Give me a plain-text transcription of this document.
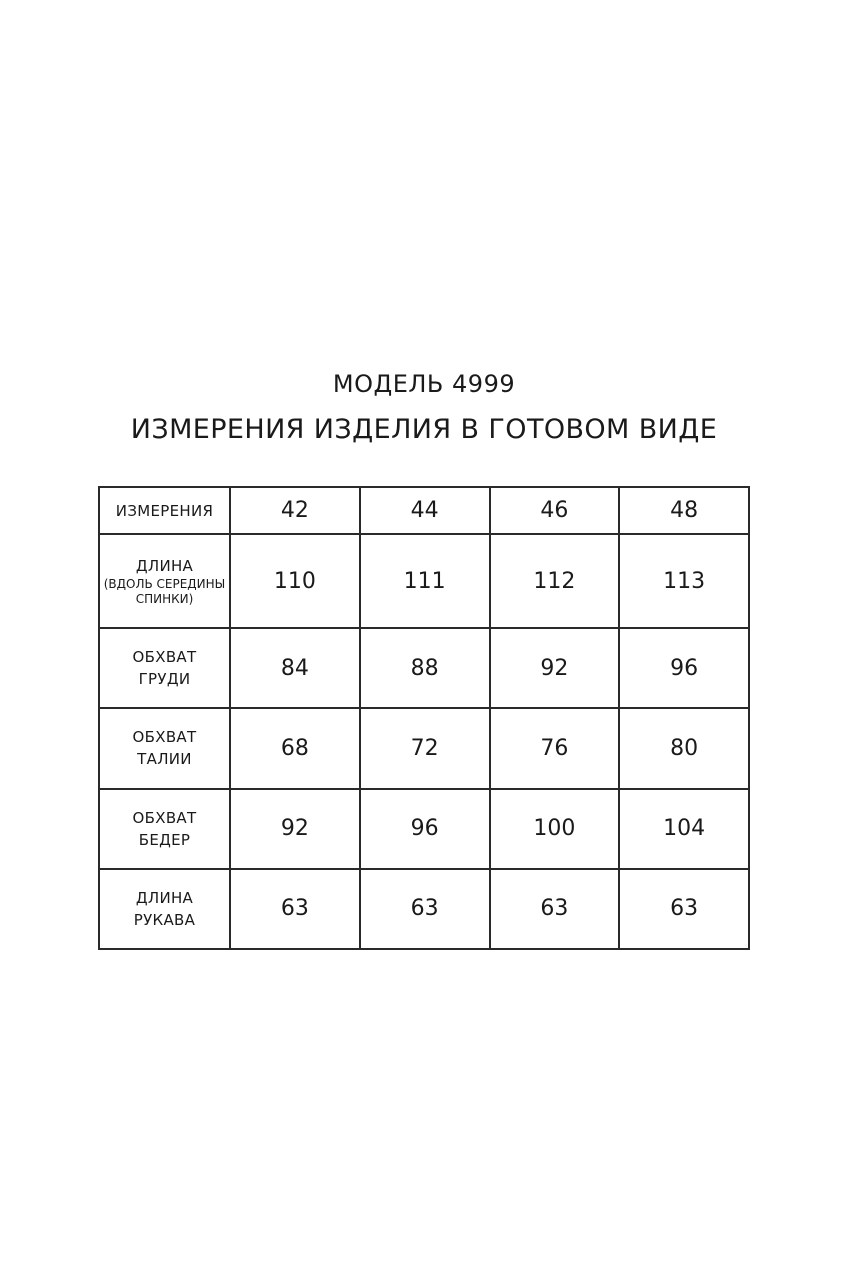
МОДЕЛЬ 4999
ИЗМЕРЕНИЯ ИЗДЕЛИЯ В ГОТОВОМ ВИДЕ
ИЗМЕРЕНИЯ	42	44	46	48

ДЛИНА
(ВДОЛЬ СЕРЕДИНЫ
СПИНКИ)	110	111	112	113

ОБХВАТ
ГРУДИ	84	88	92	96

ОБХВАТ
ТАЛИИ	68	72	76	80

ОБХВАТ
БЕДЕР	92	96	100	104

ДЛИНА
РУКАВА	63	63	63	63
